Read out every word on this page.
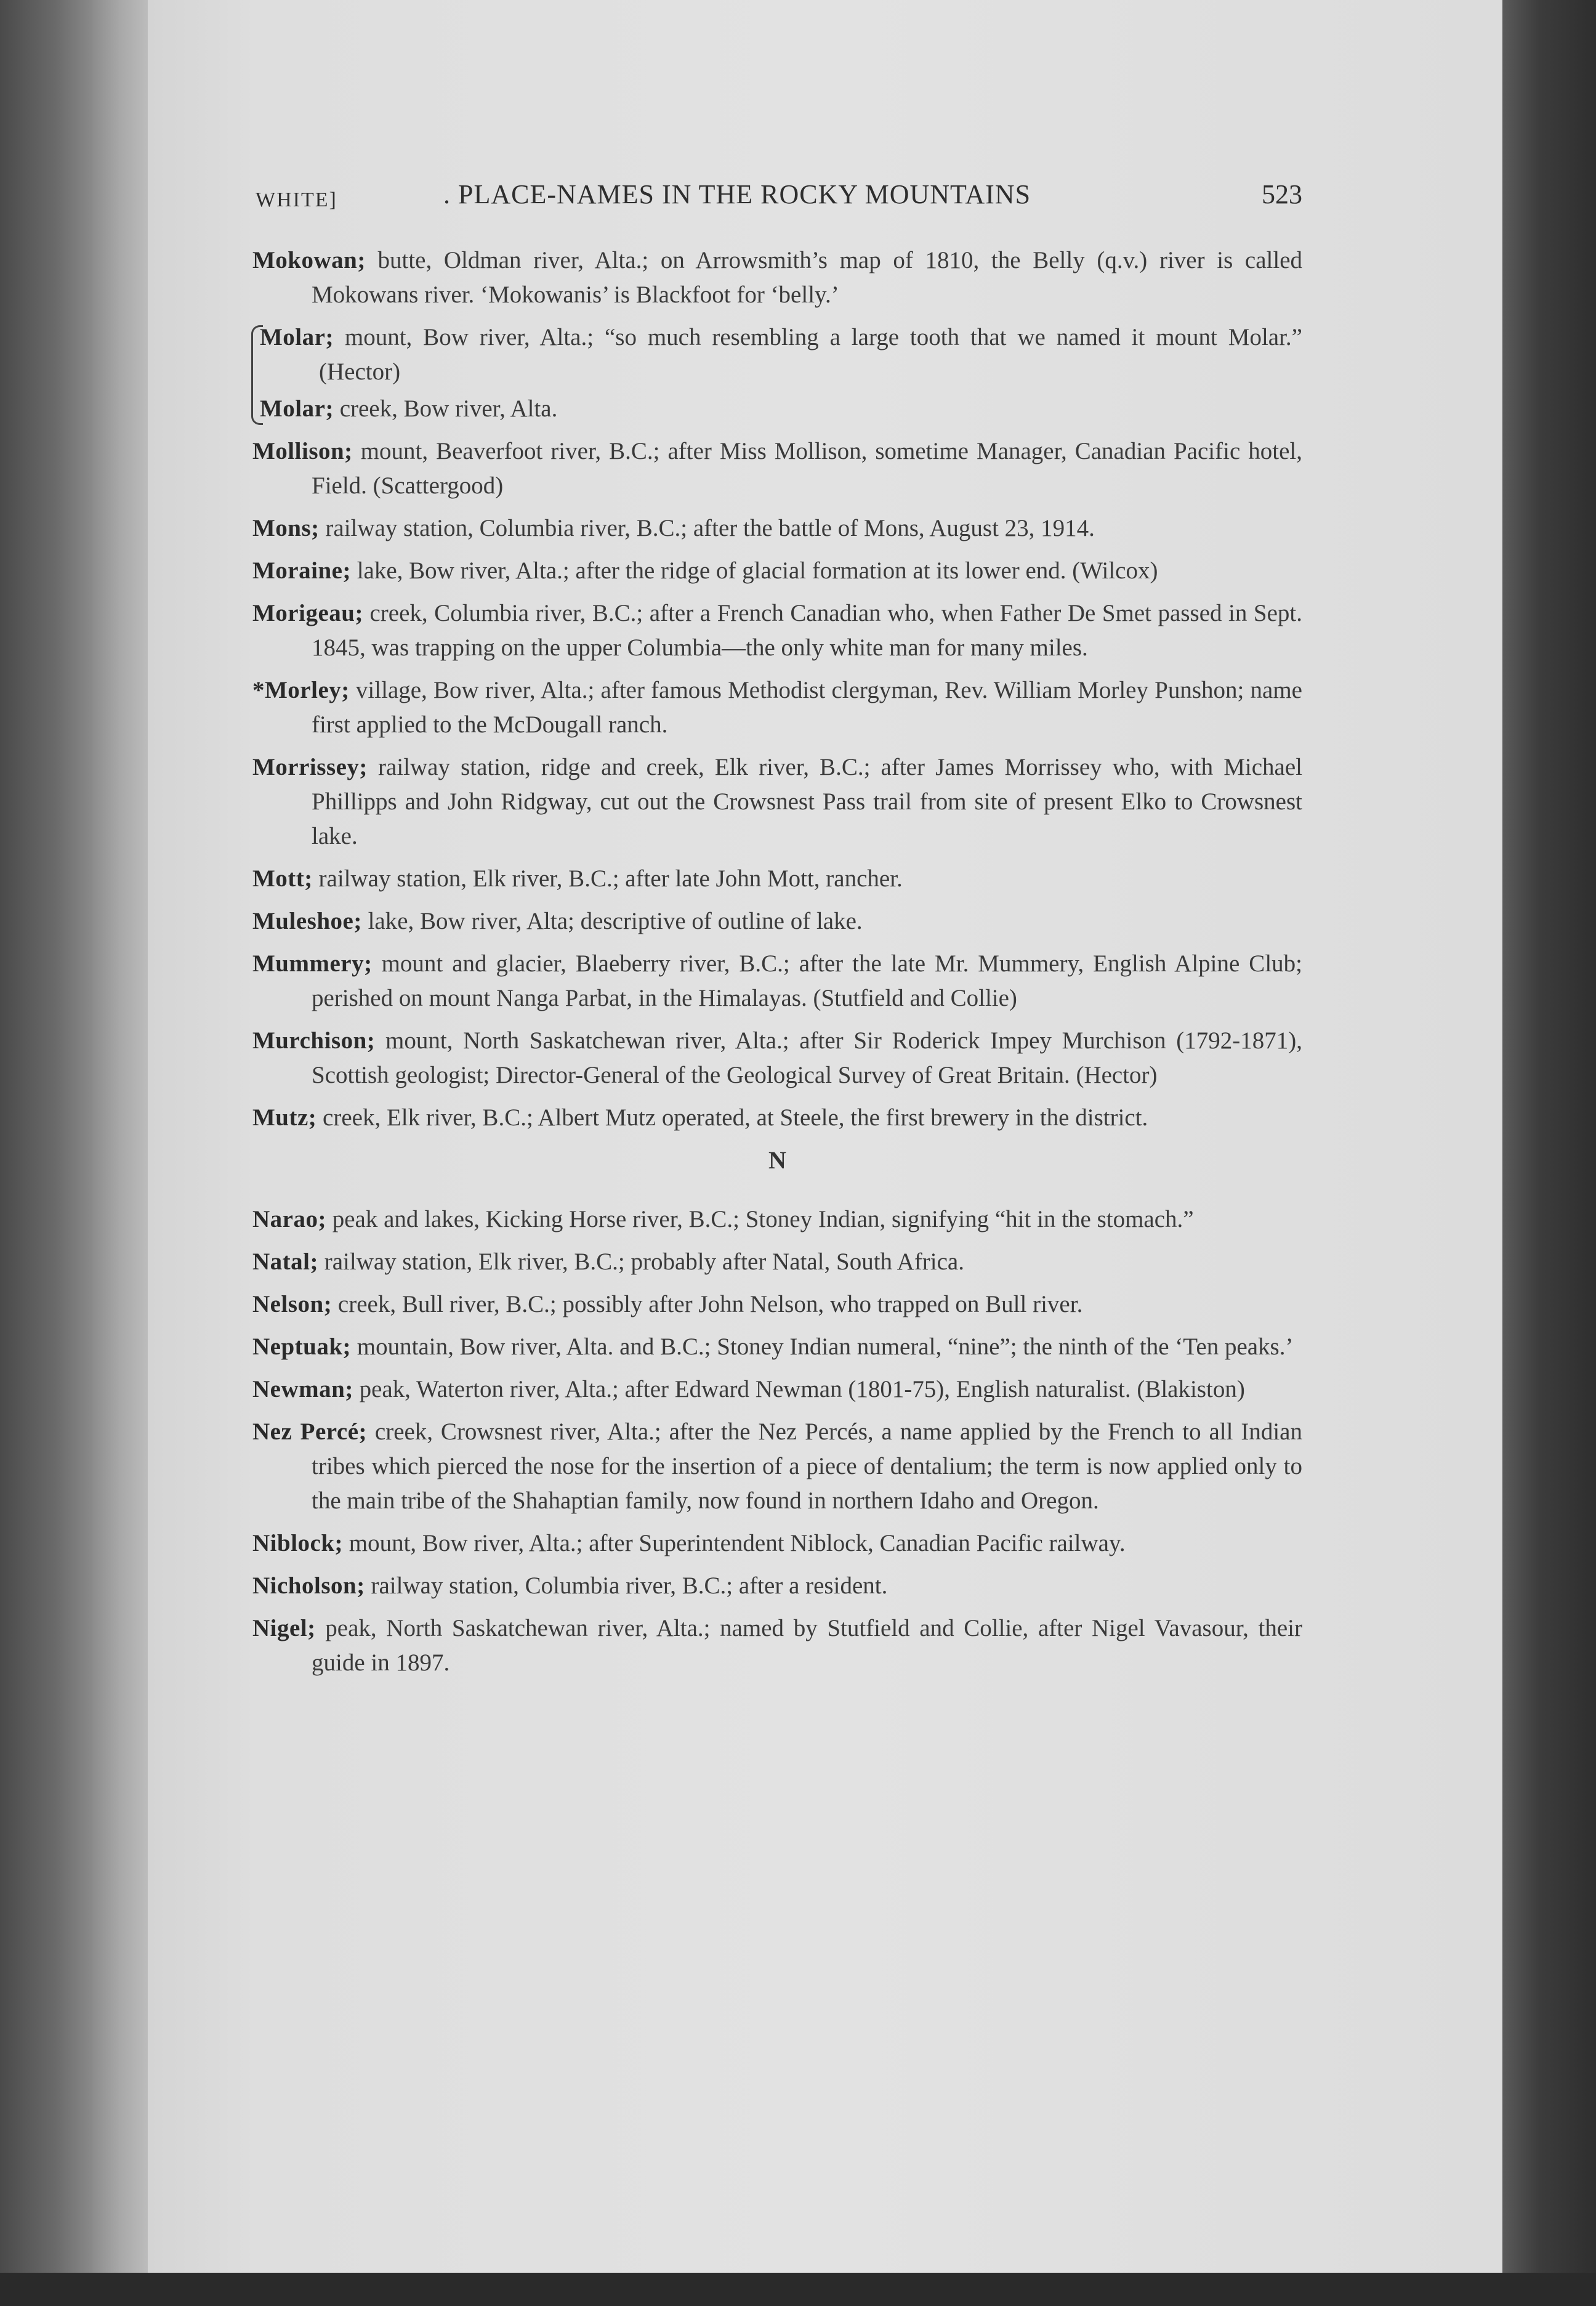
WHITE]	. PLACE-NAMES IN THE ROCKY MOUNTAINS	523

Mokowan; butte, Oldman river, Alta.; on Arrowsmith’s map of 1810, the Belly (q.v.) river is called Mokowans river. ‘Mokowanis’ is Blackfoot for ‘belly.’

Molar; mount, Bow river, Alta.; “so much resembling a large tooth that we named it mount Molar.” (Hector)

Molar; creek, Bow river, Alta.

Mollison; mount, Beaverfoot river, B.C.; after Miss Mollison, sometime Manager, Canadian Pacific hotel, Field. (Scattergood)

Mons; railway station, Columbia river, B.C.; after the battle of Mons, August 23, 1914.

Moraine; lake, Bow river, Alta.; after the ridge of glacial formation at its lower end. (Wilcox)

Morigeau; creek, Columbia river, B.C.; after a French Canadian who, when Father De Smet passed in Sept. 1845, was trapping on the upper Columbia—the only white man for many miles.

*Morley; village, Bow river, Alta.; after famous Methodist clergyman, Rev. William Morley Punshon; name first applied to the McDougall ranch.

Morrissey; railway station, ridge and creek, Elk river, B.C.; after James Morrissey who, with Michael Phillipps and John Ridgway, cut out the Crowsnest Pass trail from site of present Elko to Crowsnest lake.

Mott; railway station, Elk river, B.C.; after late John Mott, rancher.

Muleshoe; lake, Bow river, Alta; descriptive of outline of lake.

Mummery; mount and glacier, Blaeberry river, B.C.; after the late Mr. Mummery, English Alpine Club; perished on mount Nanga Parbat, in the Himalayas. (Stutfield and Collie)

Murchison; mount, North Saskatchewan river, Alta.; after Sir Roderick Impey Murchison (1792-1871), Scottish geologist; Director-General of the Geological Survey of Great Britain. (Hector)

Mutz; creek, Elk river, B.C.; Albert Mutz operated, at Steele, the first brewery in the district.

N

Narao; peak and lakes, Kicking Horse river, B.C.; Stoney Indian, signifying “hit in the stomach.”

Natal; railway station, Elk river, B.C.; probably after Natal, South Africa.

Nelson; creek, Bull river, B.C.; possibly after John Nelson, who trapped on Bull river.

Neptuak; mountain, Bow river, Alta. and B.C.; Stoney Indian numeral, “nine”; the ninth of the ‘Ten peaks.’

Newman; peak, Waterton river, Alta.; after Edward Newman (1801-75), English naturalist. (Blakiston)

Nez Percé; creek, Crowsnest river, Alta.; after the Nez Percés, a name applied by the French to all Indian tribes which pierced the nose for the insertion of a piece of dentalium; the term is now applied only to the main tribe of the Shahaptian family, now found in northern Idaho and Oregon.

Niblock; mount, Bow river, Alta.; after Superintendent Niblock, Canadian Pacific railway.

Nicholson; railway station, Columbia river, B.C.; after a resident.

Nigel; peak, North Saskatchewan river, Alta.; named by Stutfield and Collie, after Nigel Vavasour, their guide in 1897.
